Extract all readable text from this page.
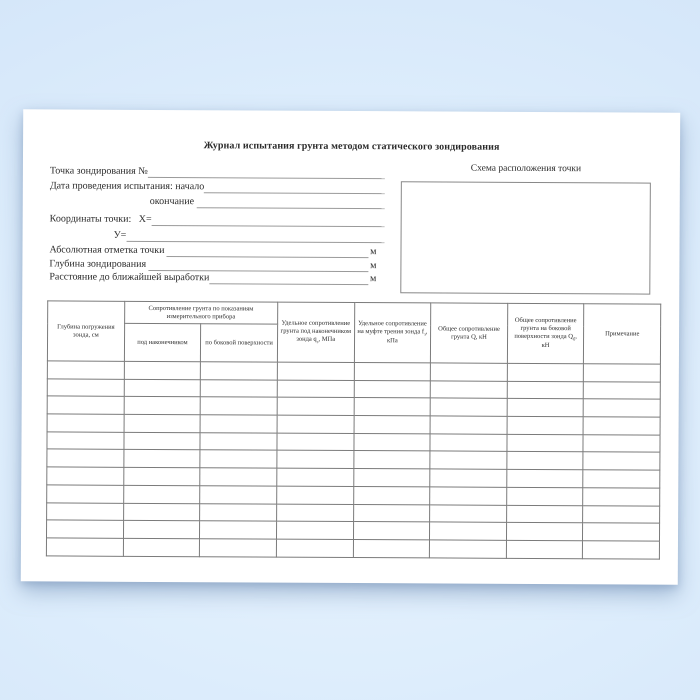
Журнал испытания грунта методом статического зондирования
Схема расположения точки
Точка зондирования №
Дата проведения испытания: начало
окончание
Координаты точки:   X=
У=
Абсолютная отметка точки	м
Глубина зондирования	м
Расстояние до ближайшей выработки	м
Глубина погружения зонда, см	Сопротивление грунта по показаниям измерительного прибора		Удельное сопротивление грунта под наконечником зонда $q_з$, МПа	Удельное сопротивление на муфте трения зонда $f_з$, кПа	Общее сопротивление грунта Q, кН	Общее сопротивление грунта на боковой поверхности зонда $Q_б$, кН	Примечание
	под наконечником	по боковой поверхности					
